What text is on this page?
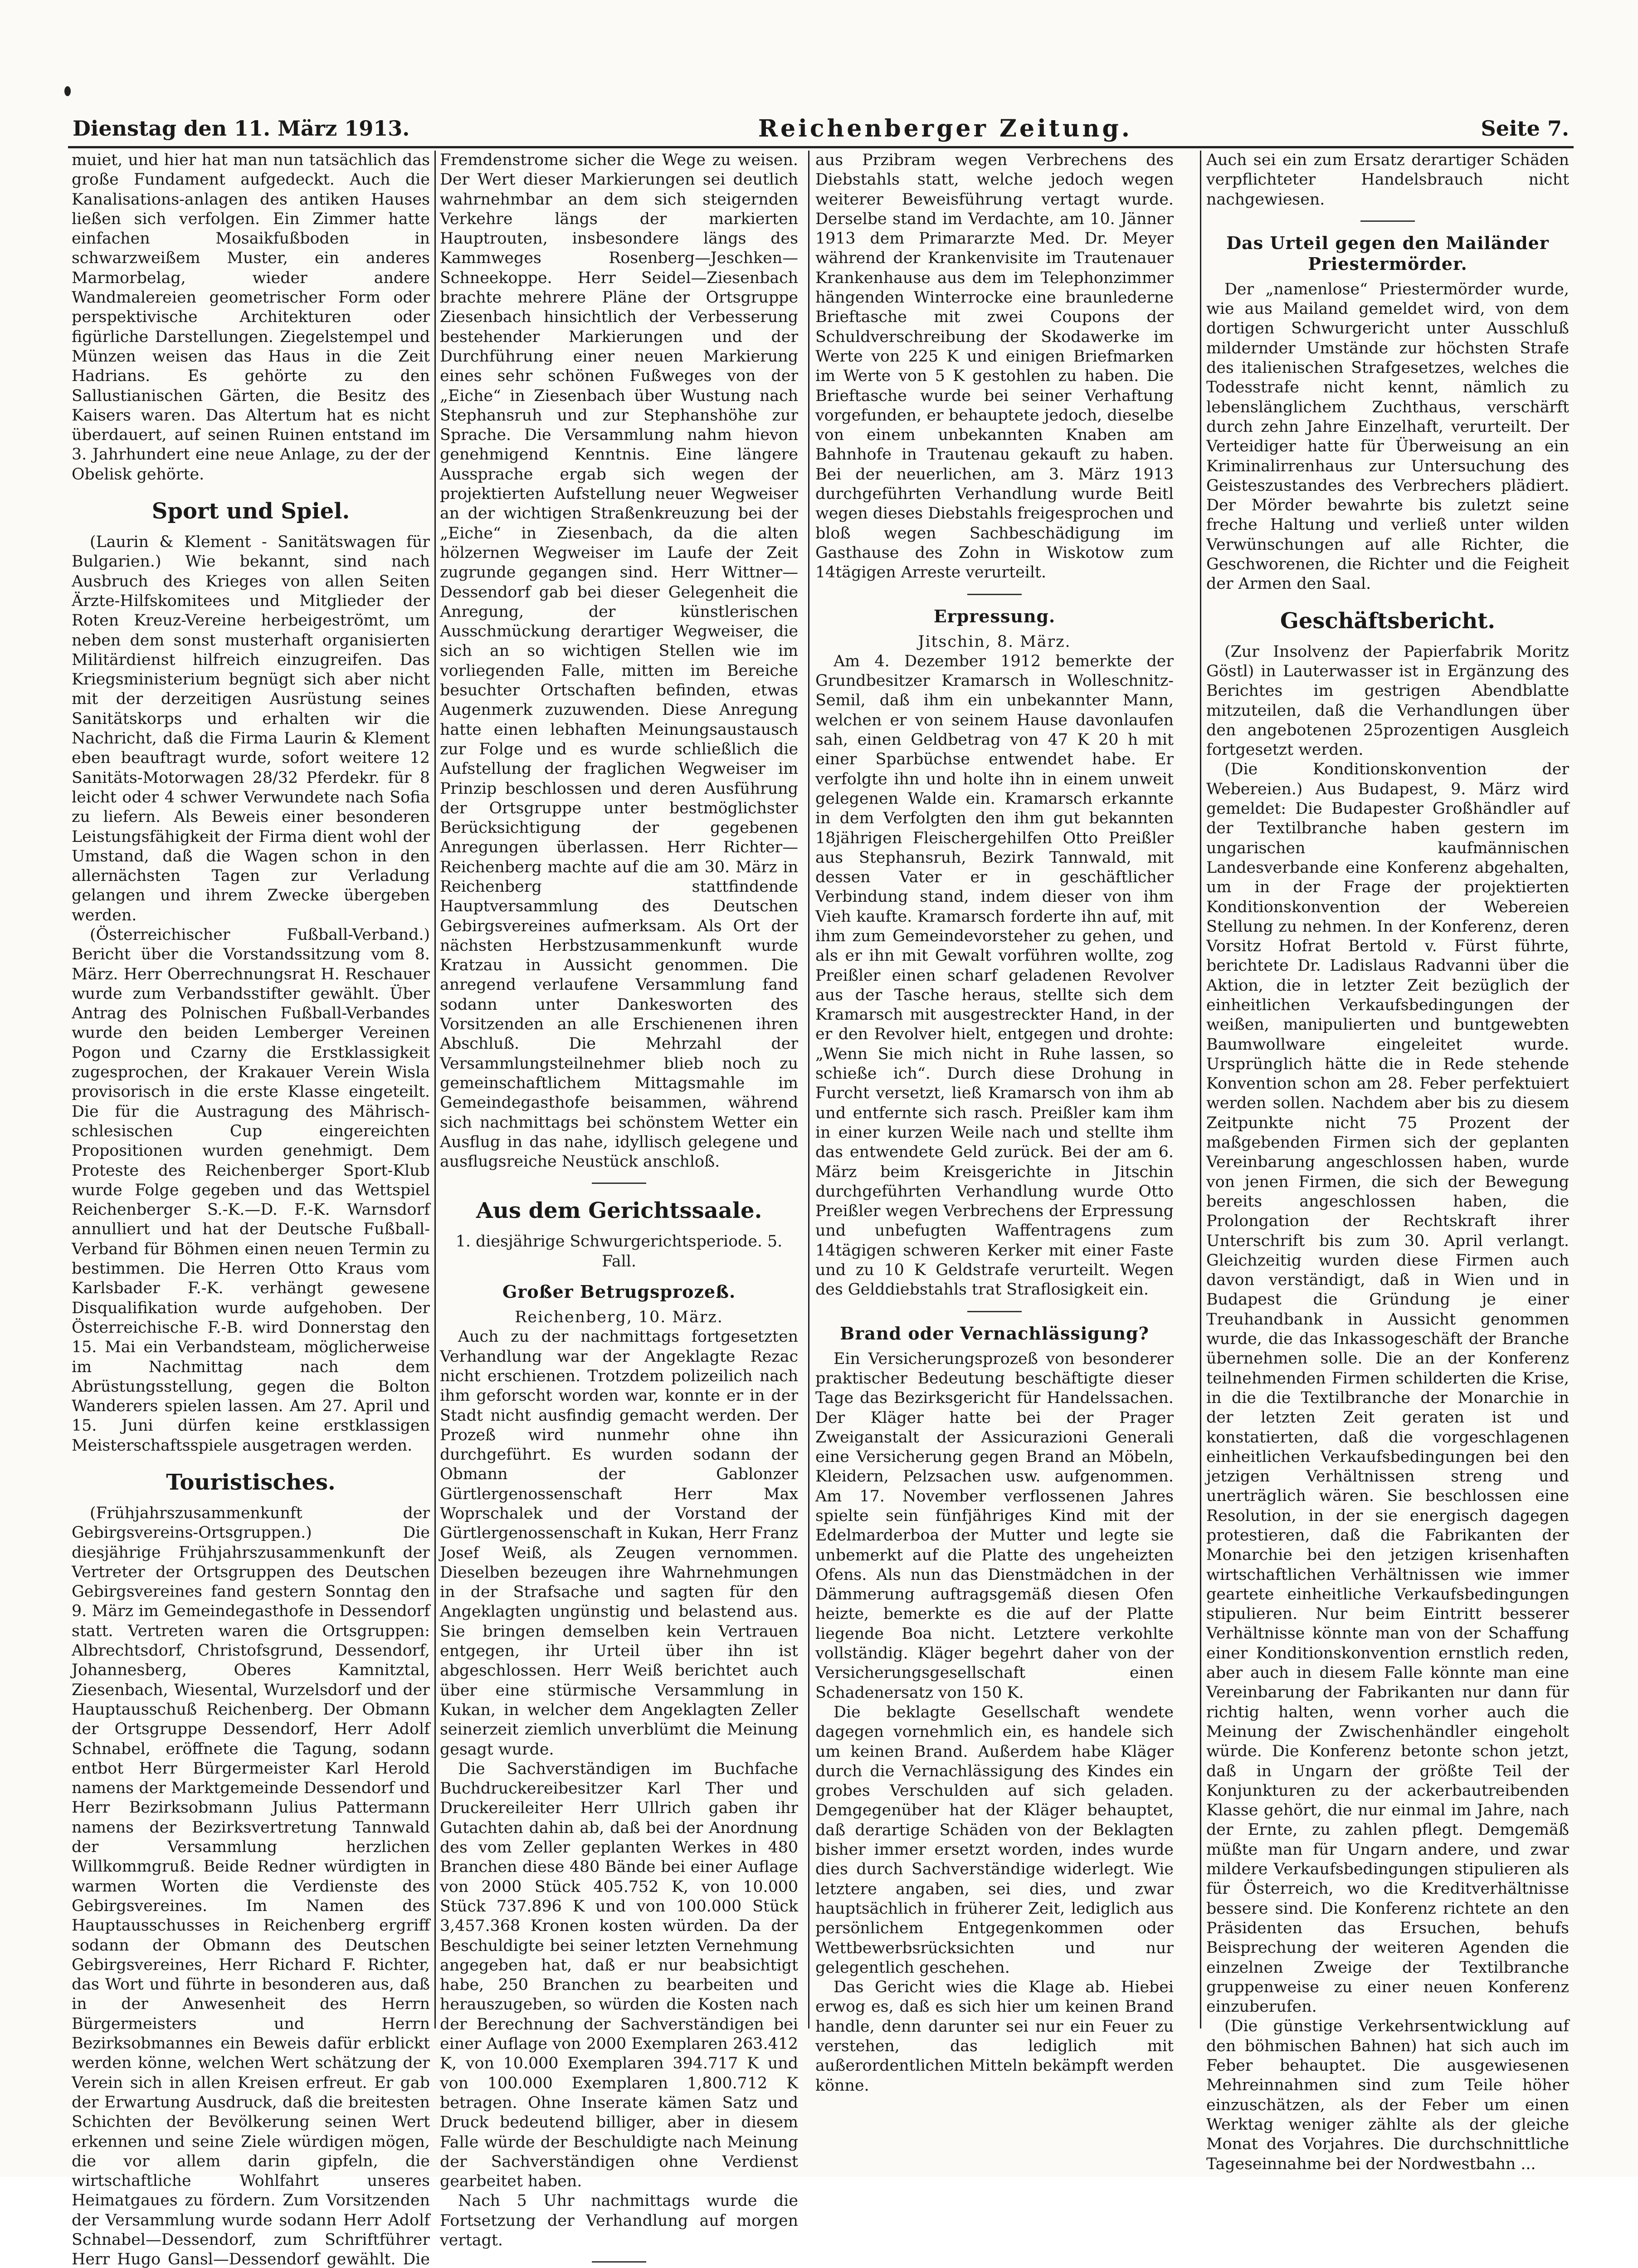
Dienstag den 11. März 1913.	Reichenberger Zeitung.	Seite 7.

muiet, und hier hat man nun tatsächlich das große Fundament aufgedeckt. Auch die Kanalisations-anlagen des antiken Hauses ließen sich verfolgen. Ein Zimmer hatte einfachen Mosaikfußboden in schwarzweißem Muster, ein anderes Marmorbelag, wieder andere Wandmalereien geometrischer Form oder perspektivische Architekturen oder figürliche Darstellungen. Ziegelstempel und Münzen weisen das Haus in die Zeit Hadrians. Es gehörte zu den Sallustianischen Gärten, die Besitz des Kaisers waren. Das Altertum hat es nicht überdauert, auf seinen Ruinen entstand im 3. Jahrhundert eine neue Anlage, zu der der Obelisk gehörte.

Sport und Spiel.

(Laurin & Klement - Sanitätswagen für Bulgarien.) Wie bekannt, sind nach Ausbruch des Krieges von allen Seiten Ärzte-Hilfskomitees und Mitglieder der Roten Kreuz-Vereine herbeigeströmt, um neben dem sonst musterhaft organisierten Militärdienst hilfreich einzugreifen. Das Kriegsministerium begnügt sich aber nicht mit der derzeitigen Ausrüstung seines Sanitätskorps und erhalten wir die Nachricht, daß die Firma Laurin & Klement eben beauftragt wurde, sofort weitere 12 Sanitäts-Motorwagen 28/32 Pferdekr. für 8 leicht oder 4 schwer Verwundete nach Sofia zu liefern. Als Beweis einer besonderen Leistungsfähigkeit der Firma dient wohl der Umstand, daß die Wagen schon in den allernächsten Tagen zur Verladung gelangen und ihrem Zwecke übergeben werden.

(Österreichischer Fußball-Verband.) Bericht über die Vorstandssitzung vom 8. März. Herr Oberrechnungsrat H. Reschauer wurde zum Verbandsstifter gewählt. Über Antrag des Polnischen Fußball-Verbandes wurde den beiden Lemberger Vereinen Pogon und Czarny die Erstklassigkeit zugesprochen, der Krakauer Verein Wisla provisorisch in die erste Klasse eingeteilt. Die für die Austragung des Mährisch-schlesischen Cup eingereichten Propositionen wurden genehmigt. Dem Proteste des Reichenberger Sport-Klub wurde Folge gegeben und das Wettspiel Reichenberger S.-K.—D. F.-K. Warnsdorf annulliert und hat der Deutsche Fußball-Verband für Böhmen einen neuen Termin zu bestimmen. Die Herren Otto Kraus vom Karlsbader F.-K. verhängt gewesene Disqualifikation wurde aufgehoben. Der Österreichische F.-B. wird Donnerstag den 15. Mai ein Verbandsteam, möglicherweise im Nachmittag nach dem Abrüstungsstellung, gegen die Bolton Wanderers spielen lassen. Am 27. April und 15. Juni dürfen keine erstklassigen Meisterschaftsspiele ausgetragen werden.

Touristisches.

(Frühjahrszusammenkunft der Gebirgsvereins-Ortsgruppen.) Die diesjährige Frühjahrszusammenkunft der Vertreter der Ortsgruppen des Deutschen Gebirgsvereines fand gestern Sonntag den 9. März im Gemeindegasthofe in Dessendorf statt. Vertreten waren die Ortsgruppen: Albrechtsdorf, Christofsgrund, Dessendorf, Johannesberg, Oberes Kamnitztal, Ziesenbach, Wiesental, Wurzelsdorf und der Hauptausschuß Reichenberg. Der Obmann der Ortsgruppe Dessendorf, Herr Adolf Schnabel, eröffnete die Tagung, sodann entbot Herr Bürgermeister Karl Herold namens der Marktgemeinde Dessendorf und Herr Bezirksobmann Julius Pattermann namens der Bezirksvertretung Tannwald der Versammlung herzlichen Willkommgruß. Beide Redner würdigten in warmen Worten die Verdienste des Gebirgsvereines. Im Namen des Hauptausschusses in Reichenberg ergriff sodann der Obmann des Deutschen Gebirgsvereines, Herr Richard F. Richter, das Wort und führte in besonderen aus, daß in der Anwesenheit des Herrn Bürgermeisters und Herrn Bezirksobmannes ein Beweis dafür erblickt werden könne, welchen Wert schätzung der Verein sich in allen Kreisen erfreut. Er gab der Erwartung Ausdruck, daß die breitesten Schichten der Bevölkerung seinen Wert erkennen und seine Ziele würdigen mögen, die vor allem darin gipfeln, die wirtschaftliche Wohlfahrt unseres Heimatgaues zu fördern. Zum Vorsitzenden der Versammlung wurde sodann Herr Adolf Schnabel—Dessendorf, zum Schriftführer Herr Hugo Gansl—Dessendorf gewählt. Die

Fremdenstrome sicher die Wege zu weisen. Der Wert dieser Markierungen sei deutlich wahrnehmbar an dem sich steigernden Verkehre längs der markierten Hauptrouten, insbesondere längs des Kammweges Rosenberg—Jeschken—Schneekoppe. Herr Seidel—Ziesenbach brachte mehrere Pläne der Ortsgruppe Ziesenbach hinsichtlich der Verbesserung bestehender Markierungen und der Durchführung einer neuen Markierung eines sehr schönen Fußweges von der „Eiche“ in Ziesenbach über Wustung nach Stephansruh und zur Stephanshöhe zur Sprache. Die Versammlung nahm hievon genehmigend Kenntnis. Eine längere Aussprache ergab sich wegen der projektierten Aufstellung neuer Wegweiser an der wichtigen Straßenkreuzung bei der „Eiche“ in Ziesenbach, da die alten hölzernen Wegweiser im Laufe der Zeit zugrunde gegangen sind. Herr Wittner—Dessendorf gab bei dieser Gelegenheit die Anregung, der künstlerischen Ausschmückung derartiger Wegweiser, die sich an so wichtigen Stellen wie im vorliegenden Falle, mitten im Bereiche besuchter Ortschaften befinden, etwas Augenmerk zuzuwenden. Diese Anregung hatte einen lebhaften Meinungsaustausch zur Folge und es wurde schließlich die Aufstellung der fraglichen Wegweiser im Prinzip beschlossen und deren Ausführung der Ortsgruppe unter bestmöglichster Berücksichtigung der gegebenen Anregungen überlassen. Herr Richter—Reichenberg machte auf die am 30. März in Reichenberg stattfindende Hauptversammlung des Deutschen Gebirgsvereines aufmerksam. Als Ort der nächsten Herbstzusammenkunft wurde Kratzau in Aussicht genommen. Die anregend verlaufene Versammlung fand sodann unter Dankesworten des Vorsitzenden an alle Erschienenen ihren Abschluß. Die Mehrzahl der Versammlungsteilnehmer blieb noch zu gemeinschaftlichem Mittagsmahle im Gemeindegasthofe beisammen, während sich nachmittags bei schönstem Wetter ein Ausflug in das nahe, idyllisch gelegene und ausflugsreiche Neustück anschloß.

Aus dem Gerichtssaale.

1. diesjährige Schwurgerichtsperiode. 5. Fall.

Großer Betrugsprozeß.

Reichenberg, 10. März.

Auch zu der nachmittags fortgesetzten Verhandlung war der Angeklagte Rezac nicht erschienen. Trotzdem polizeilich nach ihm geforscht worden war, konnte er in der Stadt nicht ausfindig gemacht werden. Der Prozeß wird nunmehr ohne ihn durchgeführt. Es wurden sodann der Obmann der Gablonzer Gürtlergenossenschaft Herr Max Woprschalek und der Vorstand der Gürtlergenossenschaft in Kukan, Herr Franz Josef Weiß, als Zeugen vernommen. Dieselben bezeugen ihre Wahrnehmungen in der Strafsache und sagten für den Angeklagten ungünstig und belastend aus. Sie bringen demselben kein Vertrauen entgegen, ihr Urteil über ihn ist abgeschlossen. Herr Weiß berichtet auch über eine stürmische Versammlung in Kukan, in welcher dem Angeklagten Zeller seinerzeit ziemlich unverblümt die Meinung gesagt wurde.

Die Sachverständigen im Buchfache Buchdruckereibesitzer Karl Ther und Druckereileiter Herr Ullrich gaben ihr Gutachten dahin ab, daß bei der Anordnung des vom Zeller geplanten Werkes in 480 Branchen diese 480 Bände bei einer Auflage von 2000 Stück 405.752 K, von 10.000 Stück 737.896 K und von 100.000 Stück 3,457.368 Kronen kosten würden. Da der Beschuldigte bei seiner letzten Vernehmung angegeben hat, daß er nur beabsichtigt habe, 250 Branchen zu bearbeiten und herauszugeben, so würden die Kosten nach der Berechnung der Sachverständigen bei einer Auflage von 2000 Exemplaren 263.412 K, von 10.000 Exemplaren 394.717 K und von 100.000 Exemplaren 1,800.712 K betragen. Ohne Inserate kämen Satz und Druck bedeutend billiger, aber in diesem Falle würde der Beschuldigte nach Meinung der Sachverständigen ohne Verdienst gearbeitet haben.

Nach 5 Uhr nachmittags wurde die Fortsetzung der Verhandlung auf morgen vertagt.

aus Przibram wegen Verbrechens des Diebstahls statt, welche jedoch wegen weiterer Beweisführung vertagt wurde. Derselbe stand im Verdachte, am 10. Jänner 1913 dem Primararzte Med. Dr. Meyer während der Krankenvisite im Trautenauer Krankenhause aus dem im Telephonzimmer hängenden Winterrocke eine braunlederne Brieftasche mit zwei Coupons der Schuldverschreibung der Skodawerke im Werte von 225 K und einigen Briefmarken im Werte von 5 K gestohlen zu haben. Die Brieftasche wurde bei seiner Verhaftung vorgefunden, er behauptete jedoch, dieselbe von einem unbekannten Knaben am Bahnhofe in Trautenau gekauft zu haben. Bei der neuerlichen, am 3. März 1913 durchgeführten Verhandlung wurde Beitl wegen dieses Diebstahls freigesprochen und bloß wegen Sachbeschädigung im Gasthause des Zohn in Wiskotow zum 14tägigen Arreste verurteilt.

Erpressung.

Jitschin, 8. März.

Am 4. Dezember 1912 bemerkte der Grundbesitzer Kramarsch in Wolleschnitz-Semil, daß ihm ein unbekannter Mann, welchen er von seinem Hause davonlaufen sah, einen Geldbetrag von 47 K 20 h mit einer Sparbüchse entwendet habe. Er verfolgte ihn und holte ihn in einem unweit gelegenen Walde ein. Kramarsch erkannte in dem Verfolgten den ihm gut bekannten 18jährigen Fleischergehilfen Otto Preißler aus Stephansruh, Bezirk Tannwald, mit dessen Vater er in geschäftlicher Verbindung stand, indem dieser von ihm Vieh kaufte. Kramarsch forderte ihn auf, mit ihm zum Gemeindevorsteher zu gehen, und als er ihn mit Gewalt vorführen wollte, zog Preißler einen scharf geladenen Revolver aus der Tasche heraus, stellte sich dem Kramarsch mit ausgestreckter Hand, in der er den Revolver hielt, entgegen und drohte: „Wenn Sie mich nicht in Ruhe lassen, so schieße ich“. Durch diese Drohung in Furcht versetzt, ließ Kramarsch von ihm ab und entfernte sich rasch. Preißler kam ihm in einer kurzen Weile nach und stellte ihm das entwendete Geld zurück. Bei der am 6. März beim Kreisgerichte in Jitschin durchgeführten Verhandlung wurde Otto Preißler wegen Verbrechens der Erpressung und unbefugten Waffentragens zum 14tägigen schweren Kerker mit einer Faste und zu 10 K Geldstrafe verurteilt. Wegen des Gelddiebstahls trat Straflosigkeit ein.

Brand oder Vernachlässigung?

Ein Versicherungsprozeß von besonderer praktischer Bedeutung beschäftigte dieser Tage das Bezirksgericht für Handelssachen. Der Kläger hatte bei der Prager Zweiganstalt der Assicurazioni Generali eine Versicherung gegen Brand an Möbeln, Kleidern, Pelzsachen usw. aufgenommen. Am 17. November verflossenen Jahres spielte sein fünfjähriges Kind mit der Edelmarderboa der Mutter und legte sie unbemerkt auf die Platte des ungeheizten Ofens. Als nun das Dienstmädchen in der Dämmerung auftragsgemäß diesen Ofen heizte, bemerkte es die auf der Platte liegende Boa nicht. Letztere verkohlte vollständig. Kläger begehrt daher von der Versicherungsgesellschaft einen Schadenersatz von 150 K.

Die beklagte Gesellschaft wendete dagegen vornehmlich ein, es handele sich um keinen Brand. Außerdem habe Kläger durch die Vernachlässigung des Kindes ein grobes Verschulden auf sich geladen. Demgegenüber hat der Kläger behauptet, daß derartige Schäden von der Beklagten bisher immer ersetzt worden, indes wurde dies durch Sachverständige widerlegt. Wie letztere angaben, sei dies, und zwar hauptsächlich in früherer Zeit, lediglich aus persönlichem Entgegenkommen oder Wettbewerbsrücksichten und nur gelegentlich geschehen.

Das Gericht wies die Klage ab. Hiebei erwog es, daß es sich hier um keinen Brand handle, denn darunter sei nur ein Feuer zu verstehen, das lediglich mit außerordentlichen Mitteln bekämpft werden könne.

Auch sei ein zum Ersatz derartiger Schäden verpflichteter Handelsbrauch nicht nachgewiesen.

Das Urteil gegen den Mailänder Priestermörder.

Der „namenlose“ Priestermörder wurde, wie aus Mailand gemeldet wird, von dem dortigen Schwurgericht unter Ausschluß mildernder Umstände zur höchsten Strafe des italienischen Strafgesetzes, welches die Todesstrafe nicht kennt, nämlich zu lebenslänglichem Zuchthaus, verschärft durch zehn Jahre Einzelhaft, verurteilt. Der Verteidiger hatte für Überweisung an ein Kriminalirrenhaus zur Untersuchung des Geisteszustandes des Verbrechers plädiert. Der Mörder bewahrte bis zuletzt seine freche Haltung und verließ unter wilden Verwünschungen auf alle Richter, die Geschworenen, die Richter und die Feigheit der Armen den Saal.

Geschäftsbericht.

(Zur Insolvenz der Papierfabrik Moritz Göstl) in Lauterwasser ist in Ergänzung des Berichtes im gestrigen Abendblatte mitzuteilen, daß die Verhandlungen über den angebotenen 25prozentigen Ausgleich fortgesetzt werden.

(Die Konditionskonvention der Webereien.) Aus Budapest, 9. März wird gemeldet: Die Budapester Großhändler auf der Textilbranche haben gestern im ungarischen kaufmännischen Landesverbande eine Konferenz abgehalten, um in der Frage der projektierten Konditionskonvention der Webereien Stellung zu nehmen. In der Konferenz, deren Vorsitz Hofrat Bertold v. Fürst führte, berichtete Dr. Ladislaus Radvanni über die Aktion, die in letzter Zeit bezüglich der einheitlichen Verkaufsbedingungen der weißen, manipulierten und buntgewebten Baumwollware eingeleitet wurde. Ursprünglich hätte die in Rede stehende Konvention schon am 28. Feber perfektuiert werden sollen. Nachdem aber bis zu diesem Zeitpunkte nicht 75 Prozent der maßgebenden Firmen sich der geplanten Vereinbarung angeschlossen haben, wurde von jenen Firmen, die sich der Bewegung bereits angeschlossen haben, die Prolongation der Rechtskraft ihrer Unterschrift bis zum 30. April verlangt. Gleichzeitig wurden diese Firmen auch davon verständigt, daß in Wien und in Budapest die Gründung je einer Treuhandbank in Aussicht genommen wurde, die das Inkassogeschäft der Branche übernehmen solle. Die an der Konferenz teilnehmenden Firmen schilderten die Krise, in die die Textilbranche der Monarchie in der letzten Zeit geraten ist und konstatierten, daß die vorgeschlagenen einheitlichen Verkaufsbedingungen bei den jetzigen Verhältnissen streng und unerträglich wären. Sie beschlossen eine Resolution, in der sie energisch dagegen protestieren, daß die Fabrikanten der Monarchie bei den jetzigen krisenhaften wirtschaftlichen Verhältnissen wie immer geartete einheitliche Verkaufsbedingungen stipulieren. Nur beim Eintritt besserer Verhältnisse könnte man von der Schaffung einer Konditionskonvention ernstlich reden, aber auch in diesem Falle könnte man eine Vereinbarung der Fabrikanten nur dann für richtig halten, wenn vorher auch die Meinung der Zwischenhändler eingeholt würde. Die Konferenz betonte schon jetzt, daß in Ungarn der größte Teil der Konjunkturen zu der ackerbautreibenden Klasse gehört, die nur einmal im Jahre, nach der Ernte, zu zahlen pflegt. Demgemäß müßte man für Ungarn andere, und zwar mildere Verkaufsbedingungen stipulieren als für Österreich, wo die Kreditverhältnisse bessere sind. Die Konferenz richtete an den Präsidenten das Ersuchen, behufs Beisprechung der weiteren Agenden die einzelnen Zweige der Textilbranche gruppenweise zu einer neuen Konferenz einzuberufen.

(Die günstige Verkehrsentwicklung auf den böhmischen Bahnen) hat sich auch im Feber behauptet. Die ausgewiesenen Mehreinnahmen sind zum Teile höher einzuschätzen, als der Feber um einen Werktag weniger zählte als der gleiche Monat des Vorjahres. Die durchschnittliche Tageseinnahme bei der Nordwestbahn ...
